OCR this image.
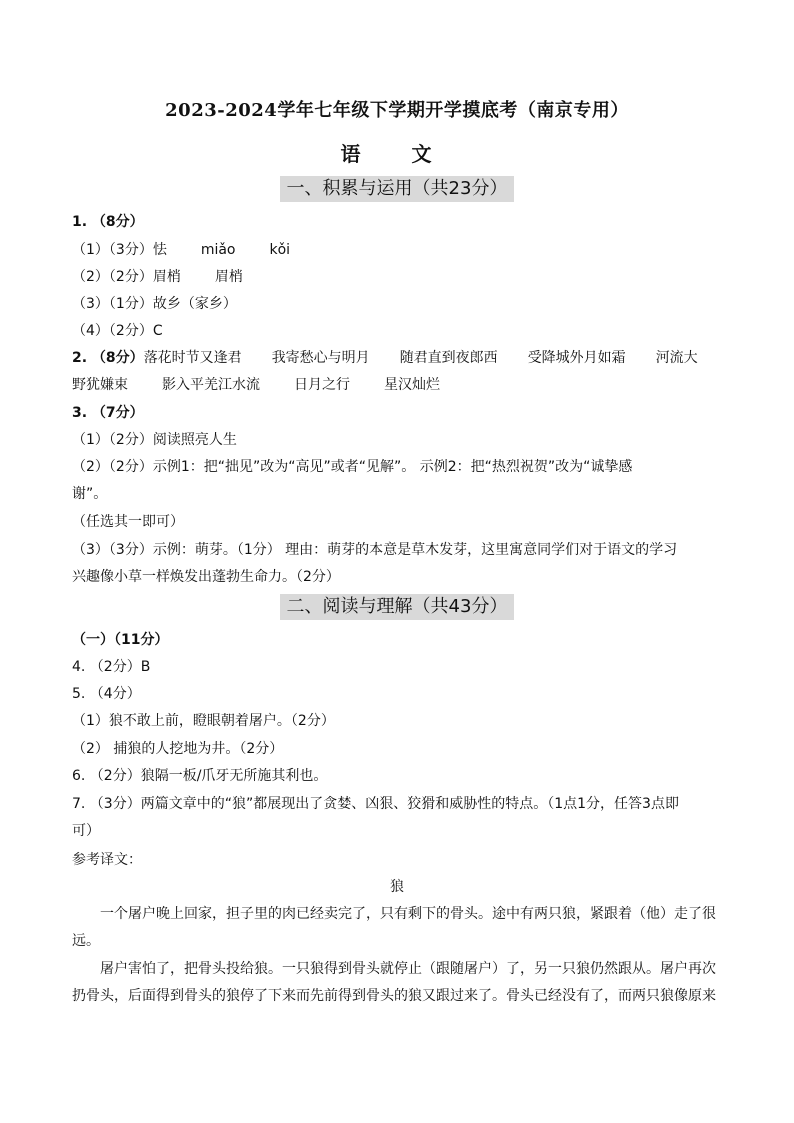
2023-2024学年七年级下学期开学摸底考（南京专用）
语 文
一、积累与运用（共23分）
1. （8分）
（1）（3分）怯 miǎo kǒi
（2）（2分）眉梢 眉梢
（3）（1分）故乡（家乡）
（4）（2分）C
2. （8分）落花时节又逢君 我寄愁心与明月 随君直到夜郎西 受降城外月如霜 河流大
野犹嫌束 影入平羌江水流 日月之行 星汉灿烂
3. （7分）
（1）（2分）阅读照亮人生
（2）（2分）示例1：把“拙见”改为“高见”或者“见解”。 示例2：把“热烈祝贺”改为“诚挚感
谢”。
（任选其一即可）
（3）（3分）示例：萌芽。（1分） 理由：萌芽的本意是草木发芽，这里寓意同学们对于语文的学习
兴趣像小草一样焕发出蓬勃生命力。（2分）
二、阅读与理解（共43分）
（一）（11分）
4. （2分）B
5. （4分）
（1）狼不敢上前，瞪眼朝着屠户。（2分）
（2） 捕狼的人挖地为井。（2分）
6. （2分）狼隔一板/爪牙无所施其利也。
7. （3分）两篇文章中的“狼”都展现出了贪婪、凶狠、狡猾和威胁性的特点。（1点1分，任答3点即
可）
参考译文：
狼
一个屠户晚上回家，担子里的肉已经卖完了，只有剩下的骨头。途中有两只狼，紧跟着（他）走了很
远。
屠户害怕了，把骨头投给狼。一只狼得到骨头就停止（跟随屠户）了，另一只狼仍然跟从。屠户再次
扔骨头，后面得到骨头的狼停了下来而先前得到骨头的狼又跟过来了。骨头已经没有了，而两只狼像原来
